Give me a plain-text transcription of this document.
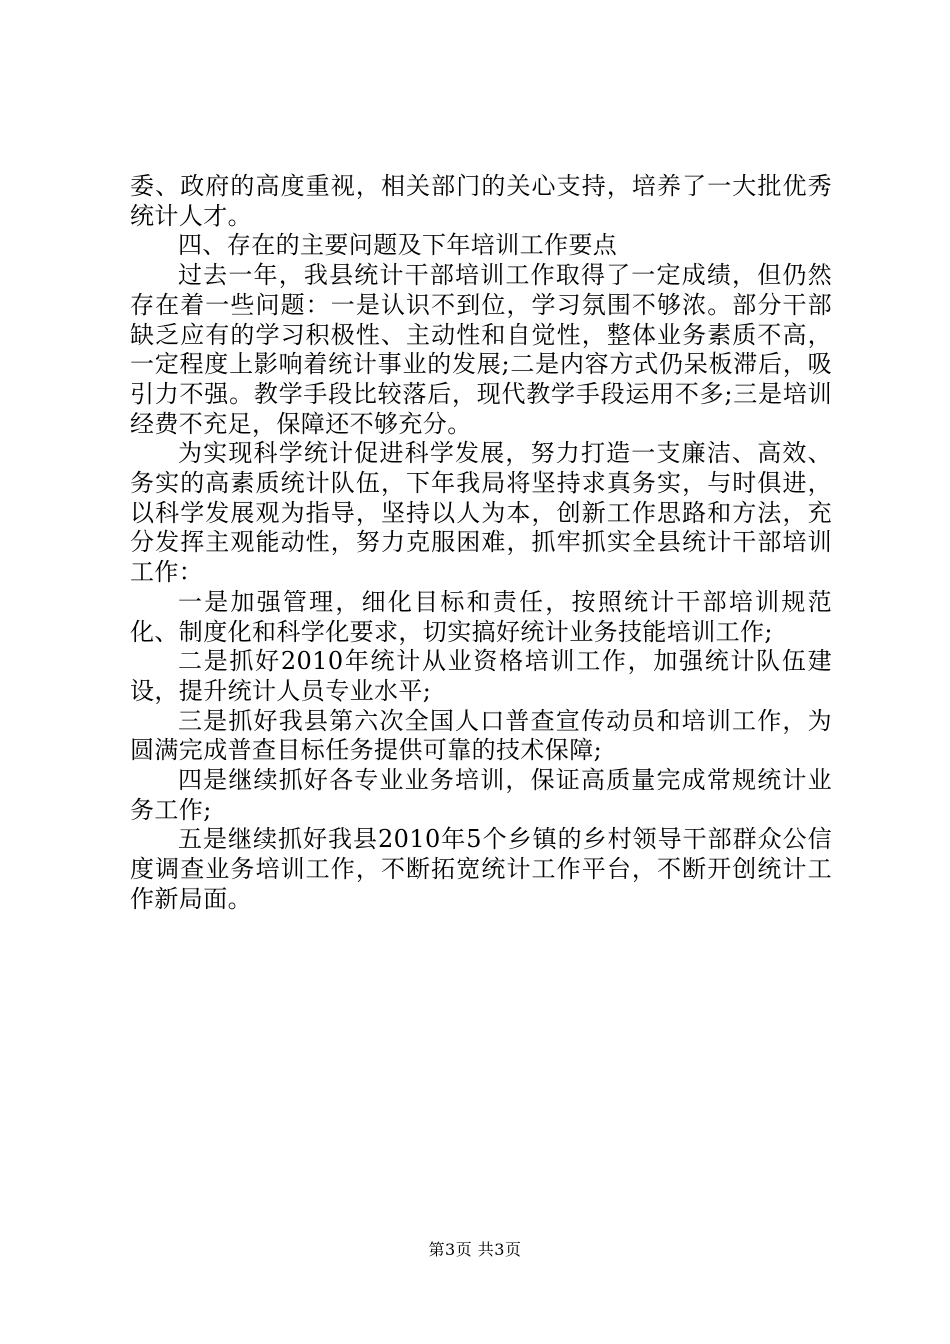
委、政府的高度重视，相关部门的关心支持，培养了一大批优秀统计人才。

四、存在的主要问题及下年培训工作要点

过去一年，我县统计干部培训工作取得了一定成绩，但仍然存在着一些问题：一是认识不到位，学习氛围不够浓。部分干部缺乏应有的学习积极性、主动性和自觉性，整体业务素质不高，一定程度上影响着统计事业的发展;二是内容方式仍呆板滞后，吸引力不强。教学手段比较落后，现代教学手段运用不多;三是培训经费不充足，保障还不够充分。

为实现科学统计促进科学发展，努力打造一支廉洁、高效、务实的高素质统计队伍，下年我局将坚持求真务实，与时俱进，以科学发展观为指导，坚持以人为本，创新工作思路和方法，充分发挥主观能动性，努力克服困难，抓牢抓实全县统计干部培训工作：

一是加强管理，细化目标和责任，按照统计干部培训规范化、制度化和科学化要求，切实搞好统计业务技能培训工作;

二是抓好2010年统计从业资格培训工作，加强统计队伍建设，提升统计人员专业水平;

三是抓好我县第六次全国人口普查宣传动员和培训工作，为圆满完成普查目标任务提供可靠的技术保障;

四是继续抓好各专业业务培训，保证高质量完成常规统计业务工作;

五是继续抓好我县2010年5个乡镇的乡村领导干部群众公信度调查业务培训工作，不断拓宽统计工作平台，不断开创统计工作新局面。

第3页 共3页
